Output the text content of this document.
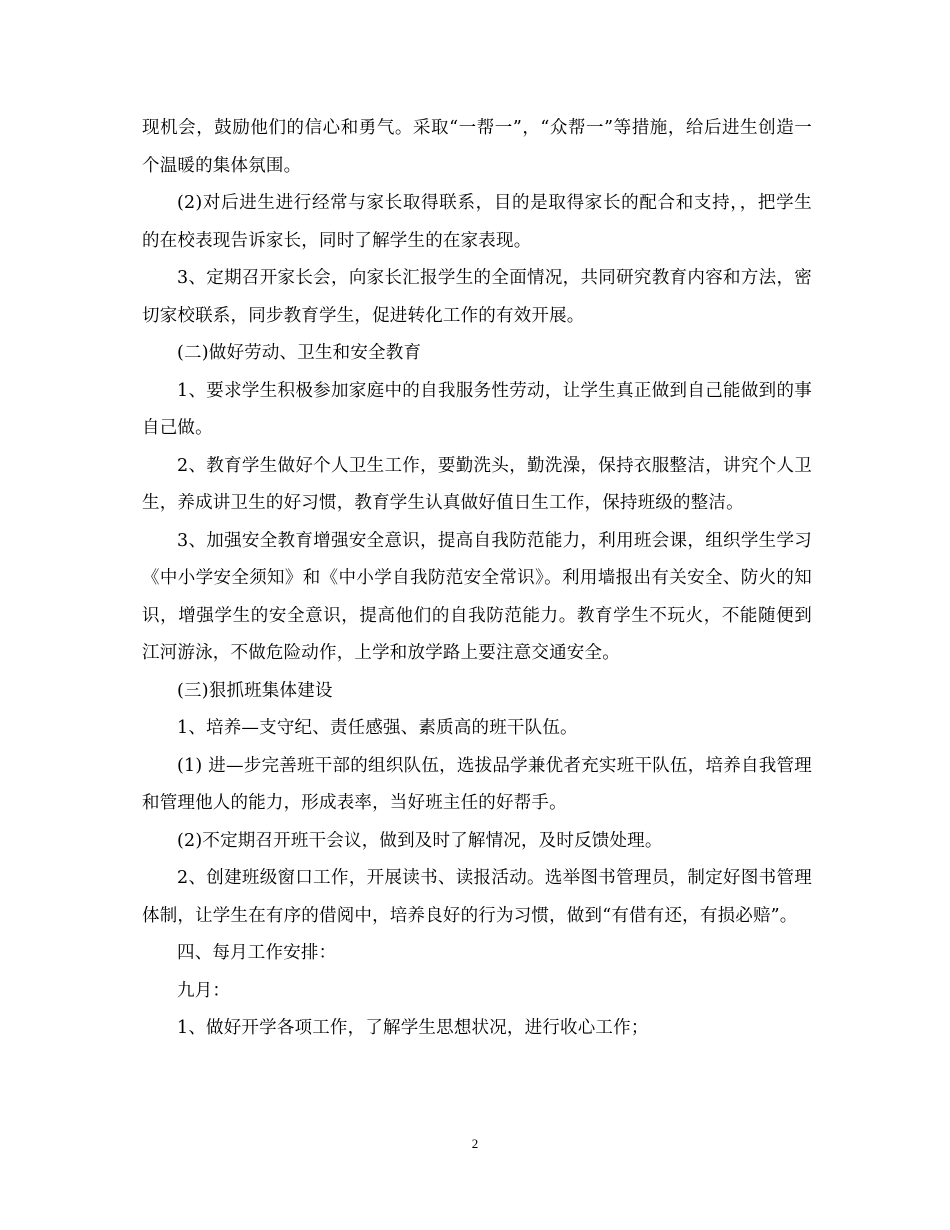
现机会，鼓励他们的信心和勇气。采取“一帮一”，“众帮一”等措施，给后进生创造一个温暖的集体氛围。

(2)对后进生进行经常与家长取得联系，目的是取得家长的配合和支持，，把学生的在校表现告诉家长，同时了解学生的在家表现。

3、定期召开家长会，向家长汇报学生的全面情况，共同研究教育内容和方法，密切家校联系，同步教育学生，促进转化工作的有效开展。

(二)做好劳动、卫生和安全教育

1、要求学生积极参加家庭中的自我服务性劳动，让学生真正做到自己能做到的事自己做。

2、教育学生做好个人卫生工作，要勤洗头，勤洗澡，保持衣服整洁，讲究个人卫生，养成讲卫生的好习惯，教育学生认真做好值日生工作，保持班级的整洁。

3、加强安全教育增强安全意识，提高自我防范能力，利用班会课，组织学生学习《中小学安全须知》和《中小学自我防范安全常识》。利用墙报出有关安全、防火的知识，增强学生的安全意识，提高他们的自我防范能力。教育学生不玩火，不能随便到江河游泳，不做危险动作，上学和放学路上要注意交通安全。

(三)狠抓班集体建设

1、培养—支守纪、责任感强、素质高的班干队伍。

(1) 进—步完善班干部的组织队伍，选拔品学兼优者充实班干队伍，培养自我管理和管理他人的能力，形成表率，当好班主任的好帮手。

(2)不定期召开班干会议，做到及时了解情况，及时反馈处理。

2、创建班级窗口工作，开展读书、读报活动。选举图书管理员，制定好图书管理体制，让学生在有序的借阅中，培养良好的行为习惯，做到“有借有还，有损必赔”。

四、每月工作安排：

九月：

1、做好开学各项工作，了解学生思想状况，进行收心工作；

2
